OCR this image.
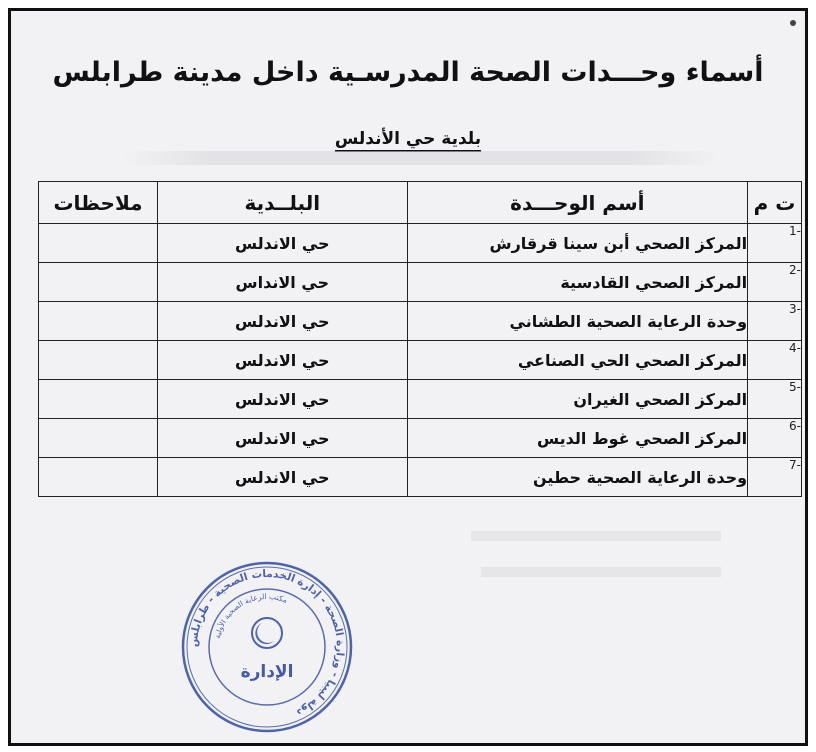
أسماء وحـــدات الصحة المدرسـية داخل مدينة طرابلس
بلدية حي الأندلس
ت م	أسم الوحـــدة	البلــدية	ملاحظات
-1	المركز الصحي أبن سينا قرقارش	حي الاندلس	
-2	المركز الصحي القادسية	حي الانداس	
-3	وحدة الرعاية الصحية الطشاني	حي الاندلس	
-4	المركز الصحي الحي الصناعي	حي الاندلس	
-5	المركز الصحي الغيران	حي الاندلس	
-6	المركز الصحي غوط الديس	حي الاندلس	
-7	وحدة الرعاية الصحية حطين	حي الاندلس	
دولة ليبيا - وزارة الصحة - إدارة الخدمات الصحية - طرابلس
مكتب الرعاية الصحية الأولية
الإدارة
